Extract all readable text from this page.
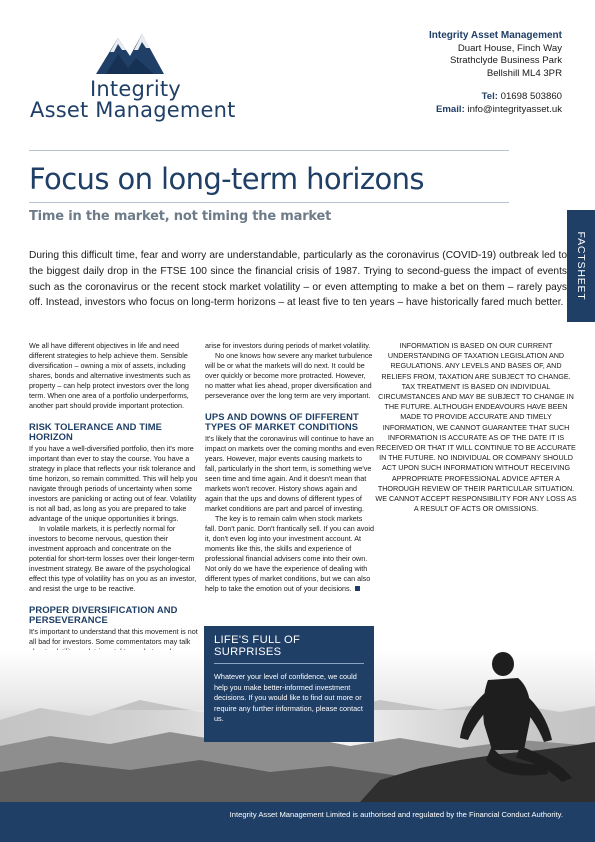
Integrity
Asset Management
Integrity Asset Management
Duart House, Finch Way
Strathclyde Business Park
Bellshill ML4 3PR
Tel: 01698 503860
Email: info@integrityasset.uk
Focus on long-term horizons
Time in the market, not timing the market
FACTSHEET

During this difficult time, fear and worry are understandable, particularly as the coronavirus (COVID-19) outbreak led to the biggest daily drop in the FTSE 100 since the financial crisis of 1987. Trying to second-guess the impact of events such as the coronavirus or the recent stock market volatility – or even attempting to make a bet on them – rarely pays off. Instead, investors who focus on long-term horizons – at least five to ten years – have historically fared much better.

We all have different objectives in life and need different strategies to help achieve them. Sensible diversification – owning a mix of assets, including shares, bonds and alternative investments such as property – can help protect investors over the long term. When one area of a portfolio underperforms, another part should provide important protection.

RISK TOLERANCE AND TIME HORIZON

If you have a well-diversified portfolio, then it's more important than ever to stay the course. You have a strategy in place that reflects your risk tolerance and time horizon, so remain committed. This will help you navigate through periods of uncertainty when some investors are panicking or acting out of fear. Volatility is not all bad, as long as you are prepared to take advantage of the unique opportunities it brings.

In volatile markets, it is perfectly normal for investors to become nervous, question their investment approach and concentrate on the potential for short-term losses over their longer-term investment strategy. Be aware of the psychological effect this type of volatility has on you as an investor, and resist the urge to be reactive.

PROPER DIVERSIFICATION AND PERSEVERANCE

It's important to understand that this movement is not all bad for investors. Some commentators may talk

arise for investors during periods of market volatility.

No one knows how severe any market turbulence will be or what the markets will do next. It could be over quickly or become more protracted. However, no matter what lies ahead, proper diversification and perseverance over the long term are very important.

UPS AND DOWNS OF DIFFERENT TYPES OF MARKET CONDITIONS

It's likely that the coronavirus will continue to have an impact on markets over the coming months and even years. However, major events causing markets to fall, particularly in the short term, is something we've seen time and time again. And it doesn't mean that markets won't recover. History shows again and again that the ups and downs of different types of market conditions are part and parcel of investing.

The key is to remain calm when stock markets fall. Don't panic. Don't frantically sell. If you can avoid it, don't even log into your investment account. At moments like this, the skills and experience of professional financial advisers come into their own. Not only do we have the experience of dealing with different types of market conditions, but we can also help to take the emotion out of your decisions.

INFORMATION IS BASED ON OUR CURRENT UNDERSTANDING OF TAXATION LEGISLATION AND REGULATIONS. ANY LEVELS AND BASES OF, AND RELIEFS FROM, TAXATION ARE SUBJECT TO CHANGE. TAX TREATMENT IS BASED ON INDIVIDUAL CIRCUMSTANCES AND MAY BE SUBJECT TO CHANGE IN THE FUTURE. ALTHOUGH ENDEAVOURS HAVE BEEN MADE TO PROVIDE ACCURATE AND TIMELY INFORMATION, WE CANNOT GUARANTEE THAT SUCH INFORMATION IS ACCURATE AS OF THE DATE IT IS RECEIVED OR THAT IT WILL CONTINUE TO BE ACCURATE IN THE FUTURE. NO INDIVIDUAL OR COMPANY SHOULD ACT UPON SUCH INFORMATION WITHOUT RECEIVING APPROPRIATE PROFESSIONAL ADVICE AFTER A THOROUGH REVIEW OF THEIR PARTICULAR SITUATION. WE CANNOT ACCEPT RESPONSIBILITY FOR ANY LOSS AS A RESULT OF ACTS OR OMISSIONS.

LIFE'S FULL OF SURPRISES

Whatever your level of confidence, we could help you make better-informed investment decisions. If you would like to find out more or require any further information, please contact us.

Integrity Asset Management Limited is authorised and regulated by the Financial Conduct Authority.
